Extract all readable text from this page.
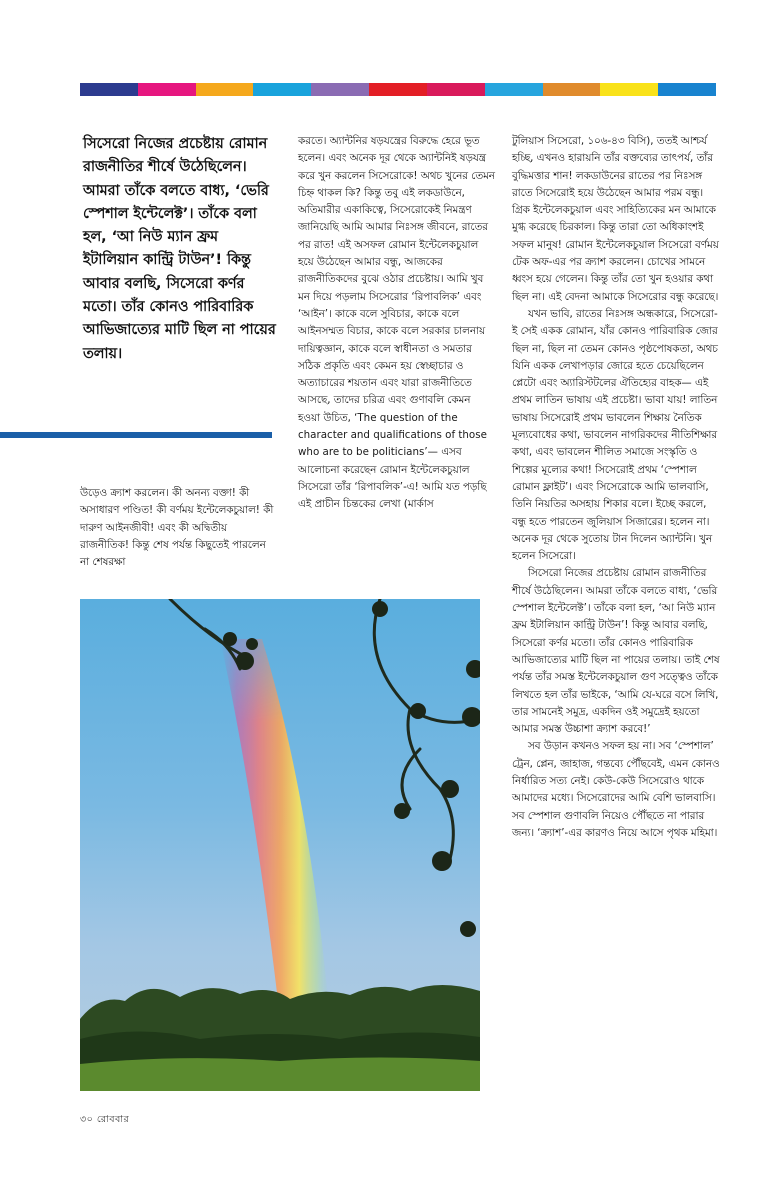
সিসেরো নিজের প্রচেষ্টায় রোমান রাজনীতির শীর্ষে উঠেছিলেন। আমরা তাঁকে বলতে বাধ্য, ‘ভেরি স্পেশাল ইন্টেলেক্ট’। তাঁকে বলা হল, ‘আ নিউ ম্যান ফ্রম ইটালিয়ান কান্ট্রি টাউন’! কিন্তু আবার বলছি, সিসেরো কর্ণর মতো। তাঁর কোনও পারিবারিক আভিজাত্যের মাটি ছিল না পায়ের তলায়।

উড়েও ক্র্যাশ করলেন। কী অনন্য বক্তা! কী অসাধারণ পণ্ডিত! কী বর্ণময় ইন্টেলেকচুয়াল! কী দারুণ আইনজীবী! এবং কী অদ্বিতীয় রাজনীতিক! কিন্তু শেষ পর্যন্ত কিছুতেই পারলেন না শেষরক্ষা

করতে। অ্যান্টনির ষড়যন্ত্রের বিরুদ্ধে হেরে ভূত হলেন। এবং অনেক দূর থেকে অ্যান্টনিই ষড়যন্ত্র করে খুন করলেন সিসেরোকে! অথচ খুনের তেমন চিহ্ন থাকল কি? কিন্তু তবু এই লকডাউনে, অতিমারীর একাকিত্বে, সিসেরোকেই নিমন্ত্রণ জানিয়েছি আমি আমার নিঃসঙ্গ জীবনে, রাতের পর রাত! এই অসফল রোমান ইন্টেলেকচুয়াল হয়ে উঠেছেন আমার বন্ধু, আজকের রাজনীতিকদের বুঝে ওঠার প্রচেষ্টায়। আমি খুব মন দিয়ে পড়লাম সিসেরোর ‘রিপাবলিক’ এবং ‘আইন’। কাকে বলে সুবিচার, কাকে বলে আইনসম্মত বিচার, কাকে বলে সরকার চালনায় দায়িত্বজ্ঞান, কাকে বলে স্বাধীনতা ও সমতার সঠিক প্রকৃতি এবং কেমন হয় স্বেচ্ছাচার ও অত্যাচারের শয়তান এবং যারা রাজনীতিতে আসছে, তাদের চরিত্র এবং গুণাবলি কেমন হওয়া উচিত, ‘The question of the character and qualifications of those who are to be politicians’— এসব আলোচনা করেছেন রোমান ইন্টেলেকচুয়াল সিসেরো তাঁর ‘রিপাবলিক’-এ! আমি যত পড়ছি এই প্রাচীন চিন্তকের লেখা (মার্কাস

টুলিয়াস সিসেরো, ১০৬-৪৩ বিসি), ততই আশ্চর্য হচ্ছি, এখনও হারায়নি তাঁর বক্তব্যের তাৎপর্য, তাঁর বুদ্ধিমত্তার শান! লকডাউনের রাতের পর নিঃসঙ্গ রাতে সিসেরোই হয়ে উঠেছেন আমার পরম বন্ধু। গ্রিক ইন্টেলেকচুয়াল এবং সাহিত্যিকের মন আমাকে মুগ্ধ করেছে চিরকাল। কিন্তু তারা তো অধিকাংশই সফল মানুষ! রোমান ইন্টেলেকচুয়াল সিসেরো বর্ণময় টেক অফ-এর পর ক্র্যাশ করলেন। চোখের সামনে ধ্বংস হয়ে গেলেন। কিন্তু তাঁর তো খুন হওয়ার কথা ছিল না। এই বেদনা আমাকে সিসেরোর বন্ধু করেছে।

যখন ভাবি, রাতের নিঃসঙ্গ অন্ধকারে, সিসেরো-ই সেই একক রোমান, যাঁর কোনও পারিবারিক জোর ছিল না, ছিল না তেমন কোনও পৃষ্ঠপোষকতা, অথচ যিনি একক লেখাপড়ার জোরে হতে চেয়েছিলেন প্লেটো এবং অ্যারিস্টটলের ঐতিহ্যের বাহক— এই প্রথম লাতিন ভাষায় এই প্রচেষ্টা। ভাবা যায়! লাতিন ভাষায় সিসেরোই প্রথম ভাবলেন শিক্ষায় নৈতিক মূল্যবোধের কথা, ভাবলেন নাগরিকদের নীতিশিক্ষার কথা, এবং ভাবলেন শীলিত সমাজে সংস্কৃতি ও শিল্পের মূল্যের কথা! সিসেরোই প্রথম ‘স্পেশাল রোমান ফ্লাইট’। এবং সিসেরোকে আমি ভালবাসি, তিনি নিয়তির অসহায় শিকার বলে। ইচ্ছে করলে, বন্ধু হতে পারতেন জুলিয়াস সিজারের। হলেন না। অনেক দূর থেকে সুতোয় টান দিলেন অ্যান্টনি। খুন হলেন সিসেরো।

সিসেরো নিজের প্রচেষ্টায় রোমান রাজনীতির শীর্ষে উঠেছিলেন। আমরা তাঁকে বলতে বাধ্য, ‘ভেরি স্পেশাল ইন্টেলেক্ট’। তাঁকে বলা হল, ‘আ নিউ ম্যান ফ্রম ইটালিয়ান কান্ট্রি টাউন’! কিন্তু আবার বলছি, সিসেরো কর্ণর মতো। তাঁর কোনও পারিবারিক আভিজাত্যের মাটি ছিল না পায়ের তলায়। তাই শেষ পর্যন্ত তাঁর সমস্ত ইন্টেলেকচুয়াল গুণ সত্ত্বেও তাঁকে লিখতে হল তাঁর ভাইকে, ‘আমি যে-ঘরে বসে লিখি, তার সামনেই সমুদ্র, একদিন ওই সমুদ্রেই হয়তো আমার সমস্ত উচ্চাশা ক্র্যাশ করবে!’

সব উড়ান কখনও সফল হয় না। সব ‘স্পেশাল’ ট্রেন, প্লেন, জাহাজ, গন্তব্যে পৌঁছবেই, এমন কোনও নির্ধারিত সত্য নেই। কেউ-কেউ সিসেরোও থাকে আমাদের মধ্যে। সিসেরোদের আমি বেশি ভালবাসি। সব স্পেশাল গুণাবলি নিয়েও পৌঁছতে না পারার জন্য। ‘ক্র্যাশ’-এর কারণও নিয়ে আসে পৃথক মহিমা।

৩০ রোববার
